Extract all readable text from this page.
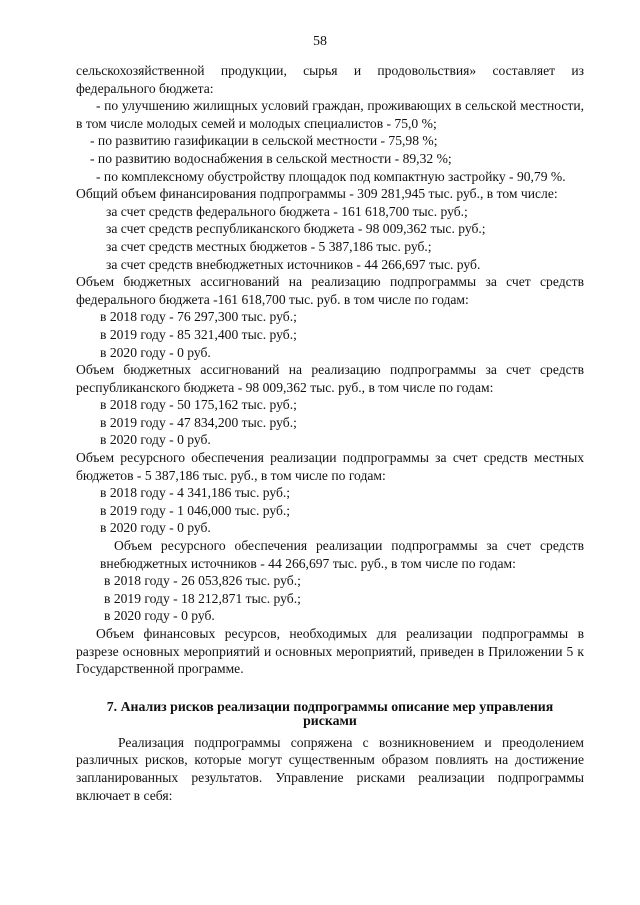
58

сельскохозяйственной продукции, сырья и продовольствия» составляет из федерального бюджета:

- по улучшению жилищных условий граждан, проживающих в сельской местности, в том числе молодых семей и молодых специалистов - 75,0 %;

- по развитию газификации в сельской местности - 75,98 %;

- по развитию водоснабжения в сельской местности - 89,32 %;

- по комплексному обустройству площадок под компактную застройку - 90,79 %.

Общий объем финансирования подпрограммы - 309 281,945 тыс. руб., в том числе:

за счет средств федерального бюджета - 161 618,700 тыс. руб.;

за счет средств республиканского бюджета - 98 009,362 тыс. руб.;

за счет средств местных бюджетов - 5 387,186 тыс. руб.;

за счет средств внебюджетных источников - 44 266,697 тыс. руб.

Объем бюджетных ассигнований на реализацию подпрограммы за счет средств федерального бюджета -161 618,700 тыс. руб. в том числе по годам:

в 2018 году - 76 297,300 тыс. руб.;

в 2019 году - 85 321,400 тыс. руб.;

в 2020 году - 0 руб.

Объем бюджетных ассигнований на реализацию подпрограммы за счет средств республиканского бюджета - 98 009,362 тыс. руб., в том числе по годам:

в 2018 году - 50 175,162 тыс. руб.;

в 2019 году - 47 834,200 тыс. руб.;

в 2020 году - 0 руб.

Объем ресурсного обеспечения реализации подпрограммы за счет средств местных бюджетов - 5 387,186 тыс. руб., в том числе по годам:

в 2018 году - 4 341,186 тыс. руб.;

в 2019 году - 1 046,000 тыс. руб.;

в 2020 году - 0 руб.

Объем ресурсного обеспечения реализации подпрограммы за счет средств внебюджетных источников - 44 266,697 тыс. руб., в том числе по годам:

в 2018 году - 26 053,826 тыс. руб.;

в 2019 году - 18 212,871 тыс. руб.;

в 2020 году - 0 руб.

Объем финансовых ресурсов, необходимых для реализации подпрограммы в разрезе основных мероприятий и основных мероприятий, приведен в Приложении 5 к Государственной программе.

7. Анализ рисков реализации подпрограммы описание мер управления
рисками

Реализация подпрограммы сопряжена с возникновением и преодолением различных рисков, которые могут существенным образом повлиять на достижение запланированных результатов. Управление рисками реализации подпрограммы включает в себя:
